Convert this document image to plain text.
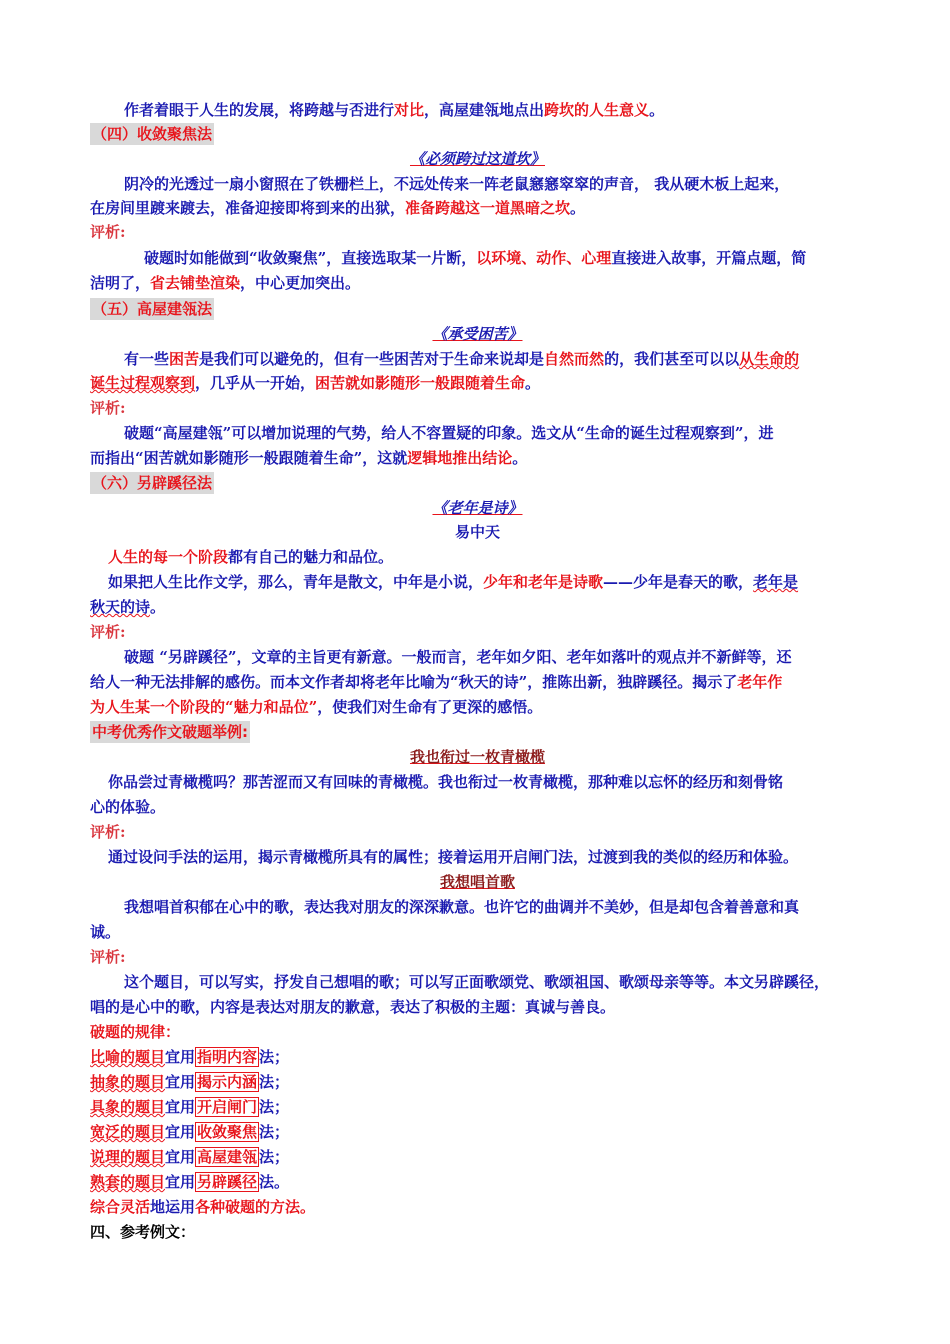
作者着眼于人生的发展，将跨越与否进行对比，高屋建瓴地点出跨坎的人生意义。
（四）收敛聚焦法
《必须跨过这道坎》
阴冷的光透过一扇小窗照在了铁栅栏上，不远处传来一阵老鼠窸窸窣窣的声音， 我从硬木板上起来，
在房间里踱来踱去，准备迎接即将到来的出狱，准备跨越这一道黑暗之坎。
评析:
破题时如能做到“收敛聚焦”，直接选取某一片断，以环境、动作、心理直接进入故事，开篇点题，简
洁明了，省去铺垫渲染，中心更加突出。
（五）高屋建瓴法
《承受困苦》
有一些困苦是我们可以避免的，但有一些困苦对于生命来说却是自然而然的，我们甚至可以以从生命的
诞生过程观察到，几乎从一开始，困苦就如影随形一般跟随着生命。
评析:
破题“高屋建瓴”可以增加说理的气势，给人不容置疑的印象。选文从“生命的诞生过程观察到”，进
而指出“困苦就如影随形一般跟随着生命”，这就逻辑地推出结论。
（六）另辟蹊径法
《老年是诗》
易中天
人生的每一个阶段都有自己的魅力和品位。
如果把人生比作文学，那么，青年是散文，中年是小说，少年和老年是诗歌——少年是春天的歌，老年是
秋天的诗。
评析:
破题 “另辟蹊径”，文章的主旨更有新意。一般而言，老年如夕阳、老年如落叶的观点并不新鲜等，还
给人一种无法排解的感伤。而本文作者却将老年比喻为“秋天的诗”，推陈出新，独辟蹊径。揭示了老年作
为人生某一个阶段的“魅力和品位”，使我们对生命有了更深的感悟。
中考优秀作文破题举例:
我也衔过一枚青橄榄
你品尝过青橄榄吗？那苦涩而又有回味的青橄榄。我也衔过一枚青橄榄，那种难以忘怀的经历和刻骨铭
心的体验。
评析:
通过设问手法的运用，揭示青橄榄所具有的属性；接着运用开启闸门法，过渡到我的类似的经历和体验。
我想唱首歌
我想唱首积郁在心中的歌，表达我对朋友的深深歉意。也许它的曲调并不美妙，但是却包含着善意和真
诚。
评析:
这个题目，可以写实，抒发自己想唱的歌；可以写正面歌颂党、歌颂祖国、歌颂母亲等等。本文另辟蹊径，
唱的是心中的歌，内容是表达对朋友的歉意，表达了积极的主题：真诚与善良。
破题的规律：
比喻的题目宜用 指明内容 法；
抽象的题目宜用 揭示内涵 法；
具象的题目宜用 开启闸门 法；
宽泛的题目宜用 收敛聚焦 法；
说理的题目宜用 高屋建瓴 法；
熟套的题目宜用 另辟蹊径 法。
综合灵活地运用各种破题的方法。
四、参考例文：
